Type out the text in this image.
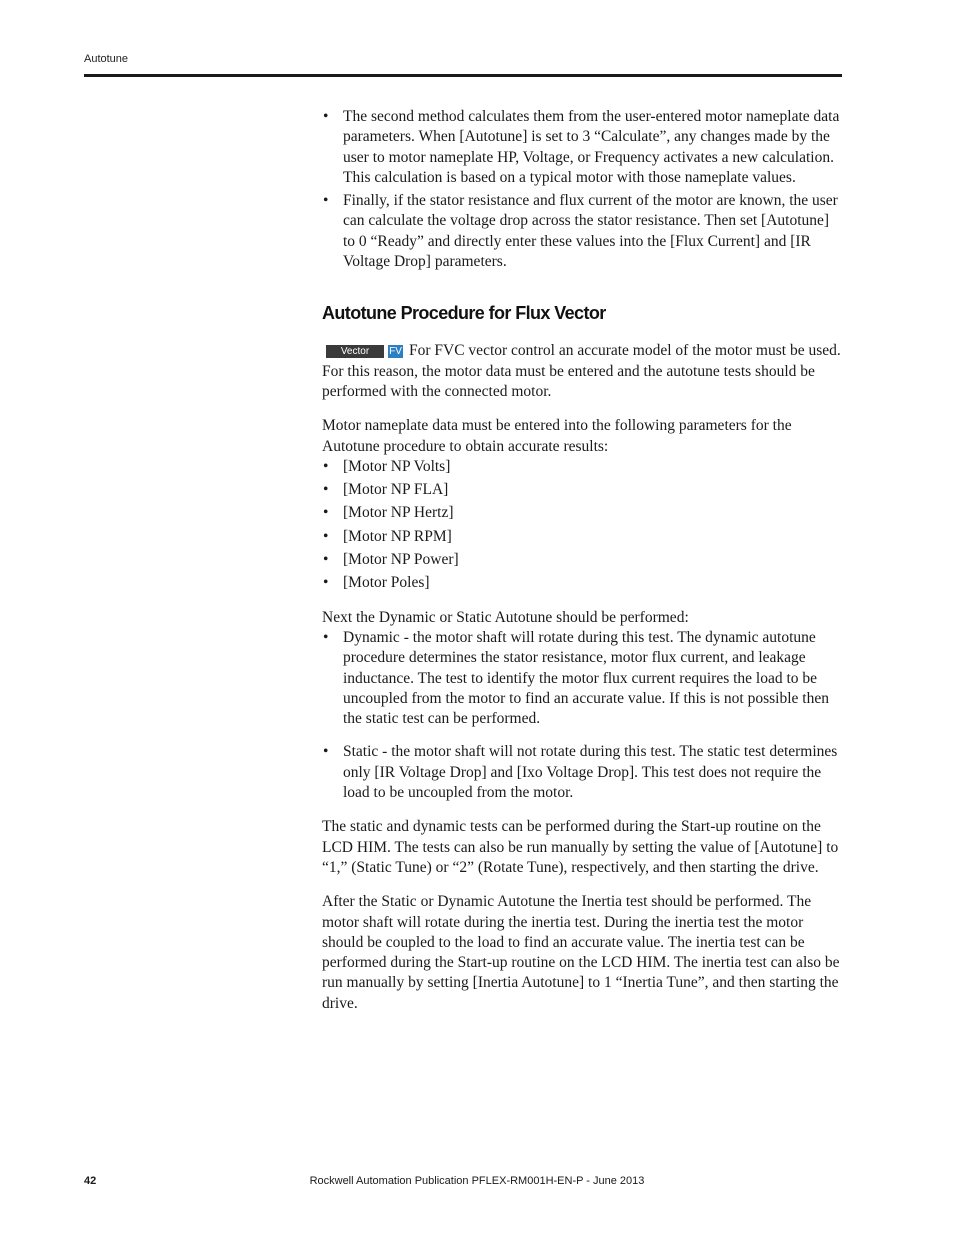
Autotune
• The second method calculates them from the user-entered motor nameplate data parameters. When [Autotune] is set to 3 “Calculate”, any changes made by the user to motor nameplate HP, Voltage, or Frequency activates a new calculation. This calculation is based on a typical motor with those nameplate values.
• Finally, if the stator resistance and flux current of the motor are known, the user can calculate the voltage drop across the stator resistance. Then set [Autotune] to 0 “Ready” and directly enter these values into the [Flux Current] and [IR Voltage Drop] parameters.
Autotune Procedure for Flux Vector

Vector FV For FVC vector control an accurate model of the motor must be used. For this reason, the motor data must be entered and the autotune tests should be performed with the connected motor.

Motor nameplate data must be entered into the following parameters for the Autotune procedure to obtain accurate results:

• [Motor NP Volts]
• [Motor NP FLA]
• [Motor NP Hertz]
• [Motor NP RPM]
• [Motor NP Power]
• [Motor Poles]

Next the Dynamic or Static Autotune should be performed:

• Dynamic - the motor shaft will rotate during this test. The dynamic autotune procedure determines the stator resistance, motor flux current, and leakage inductance. The test to identify the motor flux current requires the load to be uncoupled from the motor to find an accurate value. If this is not possible then the static test can be performed.
• Static - the motor shaft will not rotate during this test. The static test determines only [IR Voltage Drop] and [Ixo Voltage Drop]. This test does not require the load to be uncoupled from the motor.

The static and dynamic tests can be performed during the Start-up routine on the LCD HIM. The tests can also be run manually by setting the value of [Autotune] to “1,” (Static Tune) or “2” (Rotate Tune), respectively, and then starting the drive.

After the Static or Dynamic Autotune the Inertia test should be performed. The motor shaft will rotate during the inertia test. During the inertia test the motor should be coupled to the load to find an accurate value. The inertia test can be performed during the Start-up routine on the LCD HIM. The inertia test can also be run manually by setting [Inertia Autotune] to 1 “Inertia Tune”, and then starting the drive.

42	Rockwell Automation Publication PFLEX-RM001H-EN-P - June 2013
